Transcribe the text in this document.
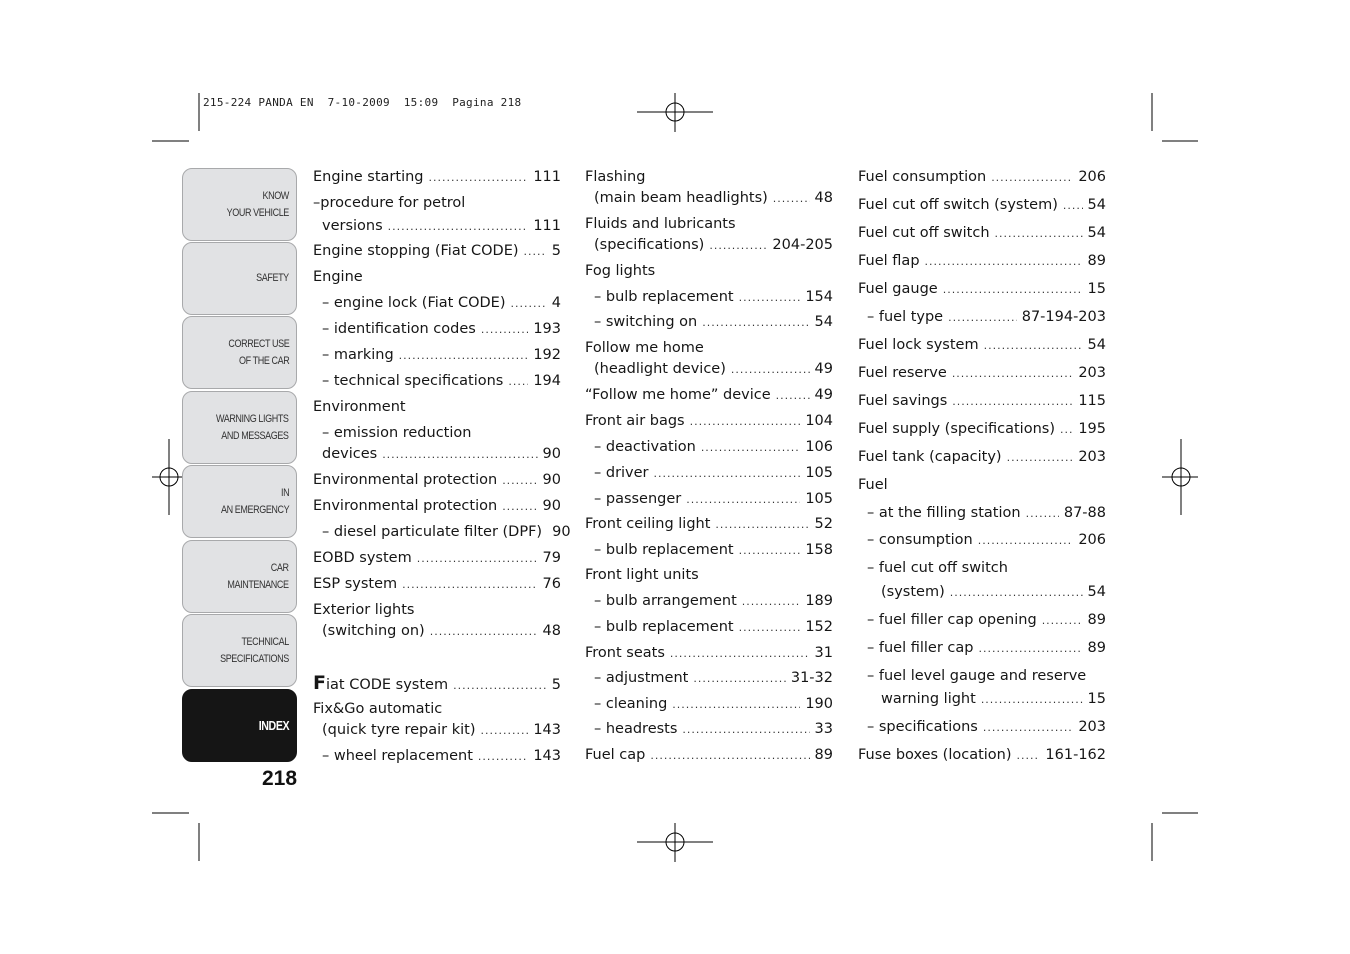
215-224 PANDA EN  7-10-2009  15:09  Pagina 218
KNOW
YOUR VEHICLE
SAFETY
CORRECT USE
OF THE CAR
WARNING LIGHTS
AND MESSAGES
IN
AN EMERGENCY
CAR
MAINTENANCE
TECHNICAL
SPECIFICATIONS
INDEX
218
Engine starting .....	111
–procedure for petrol
versions .....	111
Engine stopping (Fiat CODE) ..... 5
Engine
– engine lock (Fiat CODE) .....	4
– identification codes .....	193
– marking .....	192
– technical specifications ..... 194
Environment
– emission reduction
devices .....	90
Environmental protection .....	90
Environmental protection .....	90
– diesel particulate filter (DPF) 90
EOBD system .....	79
ESP system .....	76
Exterior lights
(switching on) .....	48
Fiat CODE system .....	5
Fix&Go automatic
(quick tyre repair kit) .....	143
– wheel replacement .....	143
Flashing
(main beam headlights) .....	48
Fluids and lubricants
(specifications) .....	204-205
Fog lights
– bulb replacement .....	154
– switching on .....	54
Follow me home
(headlight device) .....	49
“Follow me home” device .....	49
Front air bags .....	104
– deactivation .....	106
– driver .....	105
– passenger .....	105
Front ceiling light .....	52
– bulb replacement .....	158
Front light units
– bulb arrangement .....	189
– bulb replacement .....	152
Front seats .....	31
– adjustment .....	31-32
– cleaning .....	190
– headrests .....	33
Fuel cap .....	89
Fuel consumption .....	206
Fuel cut off switch (system) ..... 54
Fuel cut off switch .....	54
Fuel flap .....	89
Fuel gauge .....	15
– fuel type .....	87-194-203
Fuel lock system .....	54
Fuel reserve .....	203
Fuel savings .....	115
Fuel supply (specifications) ..... 195
Fuel tank (capacity) .....	203
Fuel
– at the filling station .....	87-88
– consumption .....	206
– fuel cut off switch
(system) .....	54
– fuel filler cap opening .....	89
– fuel filler cap .....	89
– fuel level gauge and reserve
warning light .....	15
– specifications .....	203
Fuse boxes (location) ..... 161-162
